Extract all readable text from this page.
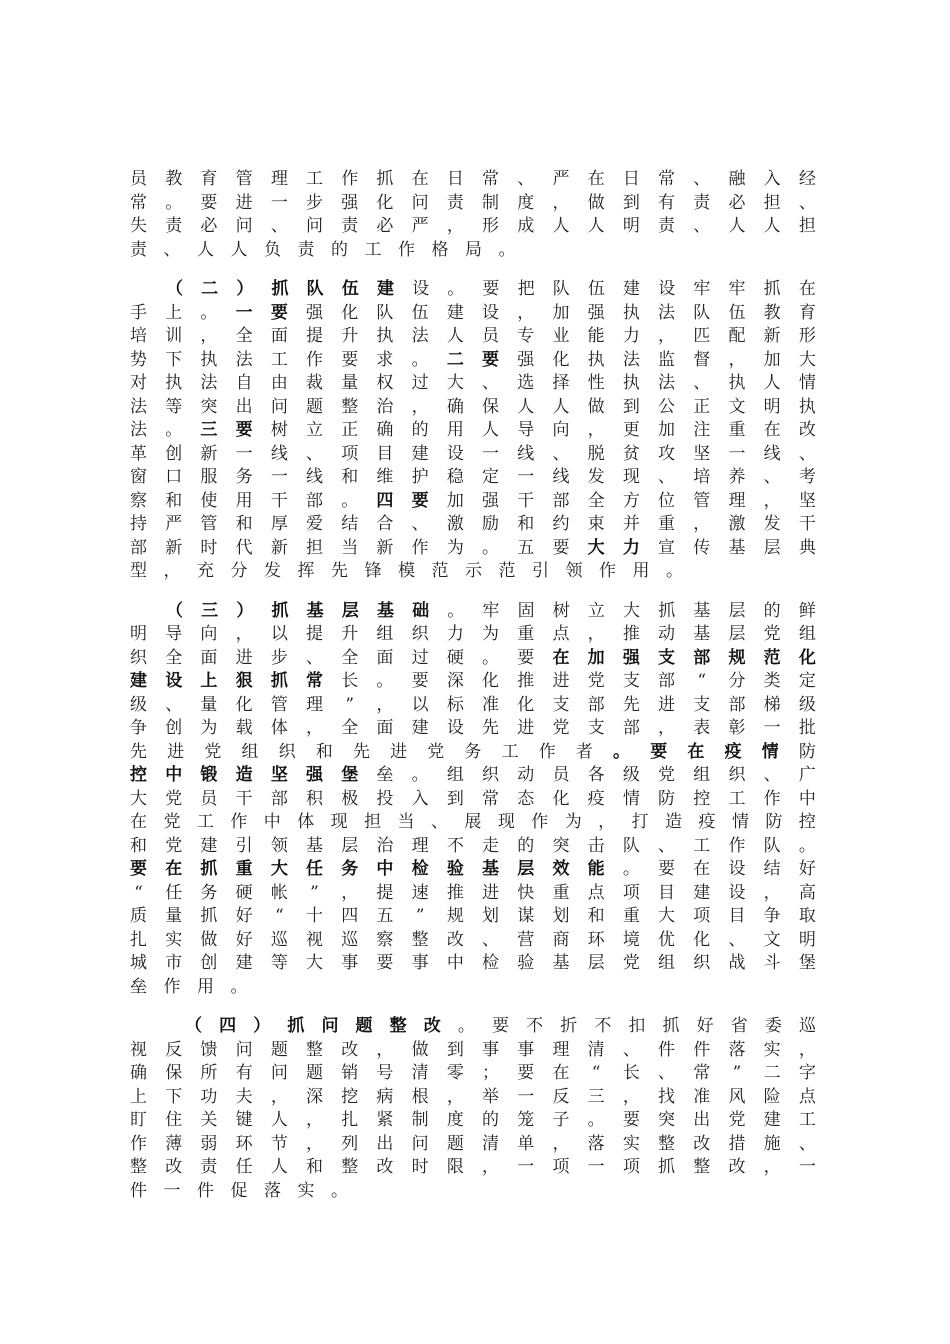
员 教 育 管 理 工 作 抓 在 日 常 、 严 在 日 常 、 融 入 经
常 。 要 进 一 步 强 化 问 责 制 度 ， 做 到 有 责 必 担 、
失 责 必 问 、 问 责 必 严 ， 形 成 人 人 明 责 、 人 人 担
责 、 人 人 负 责 的 工 作 格 局 。
（ 二 ） 抓 队 伍 建 设 。 要 把 队 伍 建 设 牢 牢 抓 在
手 上 。 一 要 强 化 队 伍 建 设 ， 加 强 执 法 队 伍 教 育
培 训 ， 全 面 提 升 执 法 人 员 专 业 能 力 ， 匹 配 新 形
势 下 执 法 工 作 要 求 。 二 要 强 化 执 法 监 督 ， 加 大
对 执 法 自 由 裁 量 权 过 大 、 选 择 性 执 法 、 执 人 情
法 等 突 出 问 题 整 治 ， 确 保 人 人 做 到 公 正 文 明 执
法 。 三 要 树 立 正 确 的 用 人 导 向 ， 更 加 注 重 在 改
革 创 新 一 线 、 项 目 建 设 一 线 、 脱 贫 攻 坚 一 线 、
窗 口 服 务 一 线 和 维 护 稳 定 一 线 发 现 、 培 养 、 考
察 和 使 用 干 部 。 四 要 加 强 干 部 全 方 位 管 理 ， 坚
持 严 管 和 厚 爱 结 合 、 激 励 和 约 束 并 重 ， 激 发 干
部 新 时 代 新 担 当 新 作 为 。 五 要 大 力 宣 传 基 层 典
型 ， 充 分 发 挥 先 锋 模 范 示 范 引 领 作 用 。
（ 三 ） 抓 基 层 基 础 。 牢 固 树 立 大 抓 基 层 的 鲜
明 导 向 ， 以 提 升 组 织 力 为 重 点 ， 推 动 基 层 党 组
织 全 面 进 步 、 全 面 过 硬 。 要 在 加 强 支 部 规 范 化
建 设 上 狠 抓 常 长 。 要 深 化 推 进 党 支 部 “ 分 类 定
级 、 量 化 管 理 ” ， 以 标 准 化 支 部 先 进 支 部 梯 级
争 创 为 载 体 ， 全 面 建 设 先 进 党 支 部 ， 表 彰 一 批
先 进 党 组 织 和 先 进 党 务 工 作 者 。 要 在 疫 情 防
控 中 锻 造 坚 强 堡 垒 。 组 织 动 员 各 级 党 组 织 、 广
大 党 员 干 部 积 极 投 入 到 常 态 化 疫 情 防 控 工 作 中
在 党 工 作 中 体 现 担 当 、 展 现 作 为 ， 打 造 疫 情 防 控
和 党 建 引 领 基 层 治 理 不 走 的 突 击 队 、 工 作 队 。
要 在 抓 重 大 任 务 中 检 验 基 层 效 能 。 要 在 设 结 好
“ 任 务 硬 帐 ” ， 提 速 推 进 快 重 点 项 目 建 设 ， 高
质 量 抓 好 “ 十 四 五 ” 规 划 谋 划 和 重 大 项 目 争 取
扎 实 做 好 巡 视 巡 察 整 改 、 营 商 环 境 优 化 、 文 明
城 市 创 建 等 大 事 要 事 中 检 验 基 层 党 组 织 战 斗 堡
垒 作 用 。
（ 四 ） 抓 问 题 整 改 。 要 不 折 不 扣 抓 好 省 委 巡
视 反 馈 问 题 整 改 ， 做 到 事 事 理 清 、 件 件 落 实 ，
确 保 所 有 问 题 销 号 清 零 ； 要 在 “ 长 、 常 ” 二 字
上 下 功 夫 ， 深 挖 病 根 ， 举 一 反 三 ， 找 准 风 险 点
盯 住 关 键 人 ， 扎 紧 制 度 的 笼 子 。 要 突 出 党 建 工
作 薄 弱 环 节 ， 列 出 问 题 清 单 ， 落 实 整 改 措 施 、
整 改 责 任 人 和 整 改 时 限 ， 一 项 一 项 抓 整 改 ， 一
件 一 件 促 落 实 。
